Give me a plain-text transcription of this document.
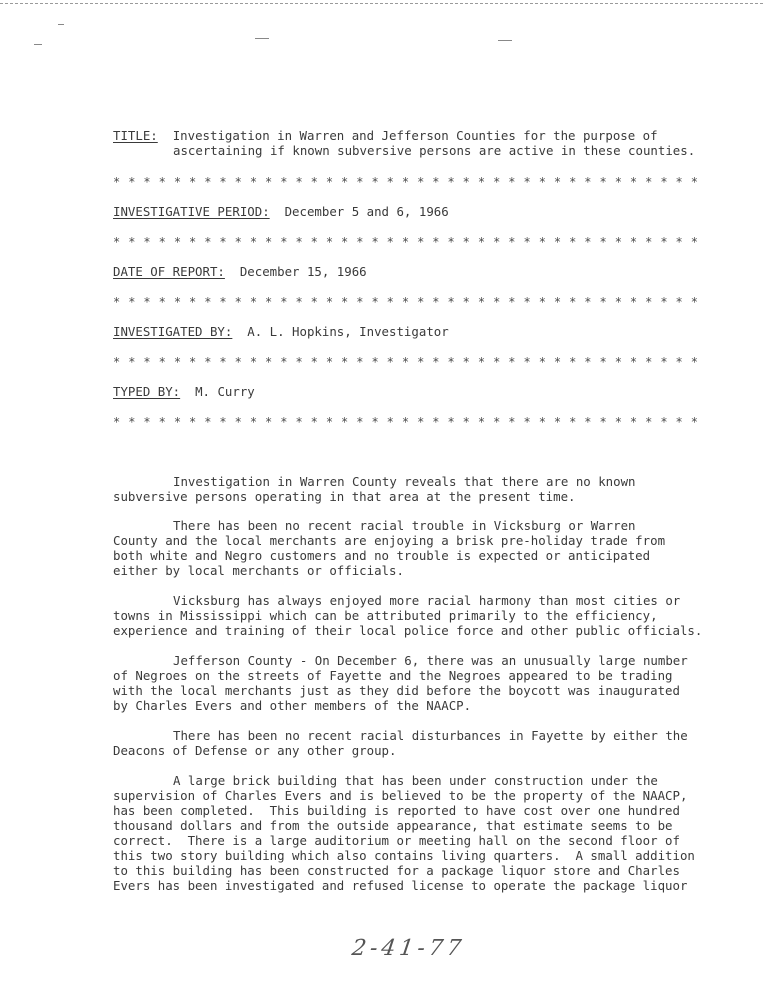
TITLE: Investigation in Warren and Jefferson Counties for the purpose of
ascertaining if known subversive persons are active in these counties.
* * * * * * * * * * * * * * * * * * * * * * * * * * * * * * * * * * * * * * *
INVESTIGATIVE PERIOD: December 5 and 6, 1966
* * * * * * * * * * * * * * * * * * * * * * * * * * * * * * * * * * * * * * *
DATE OF REPORT: December 15, 1966
* * * * * * * * * * * * * * * * * * * * * * * * * * * * * * * * * * * * * * *
INVESTIGATED BY: A. L. Hopkins, Investigator
* * * * * * * * * * * * * * * * * * * * * * * * * * * * * * * * * * * * * * *
TYPED BY: M. Curry
* * * * * * * * * * * * * * * * * * * * * * * * * * * * * * * * * * * * * * *
Investigation in Warren County reveals that there are no known
subversive persons operating in that area at the present time.
There has been no recent racial trouble in Vicksburg or Warren
County and the local merchants are enjoying a brisk pre-holiday trade from
both white and Negro customers and no trouble is expected or anticipated
either by local merchants or officials.
Vicksburg has always enjoyed more racial harmony than most cities or
towns in Mississippi which can be attributed primarily to the efficiency,
experience and training of their local police force and other public officials.
Jefferson County - On December 6, there was an unusually large number
of Negroes on the streets of Fayette and the Negroes appeared to be trading
with the local merchants just as they did before the boycott was inaugurated
by Charles Evers and other members of the NAACP.
There has been no recent racial disturbances in Fayette by either the
Deacons of Defense or any other group.
A large brick building that has been under construction under the
supervision of Charles Evers and is believed to be the property of the NAACP,
has been completed.  This building is reported to have cost over one hundred
thousand dollars and from the outside appearance, that estimate seems to be
correct.  There is a large auditorium or meeting hall on the second floor of
this two story building which also contains living quarters.  A small addition
to this building has been constructed for a package liquor store and Charles
Evers has been investigated and refused license to operate the package liquor
2-41-77
